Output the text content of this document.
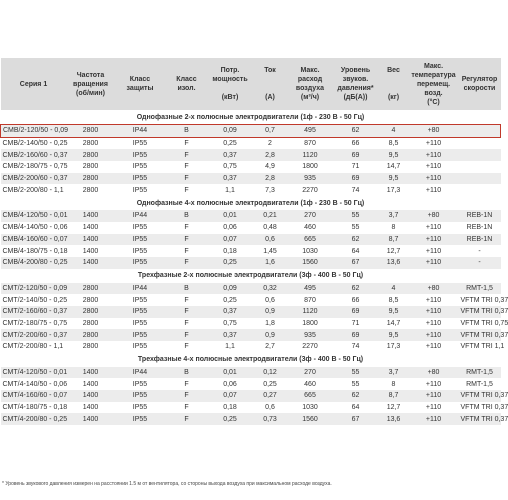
Серия 1	Частота
вращения
(об/мин)	Класс
защиты	Класс
изол.	Потр.
мощность

(кВт)	Ток

(А)	Макс.
расход
воздуха
(м³/ч)	Уровень
звуков.
давления*
(дБ(А))	Вес

(кг)	Макс.
температура
перемещ. возд.
(°C)	Регулятор
скорости

Однофазные 2-х полюсные электродвигатели (1ф - 230 В - 50 Гц)										
CMB/2-120/50 - 0,09	2800	IP44	B	0,09	0,7	495	62	4	+80	
CMB/2-140/50 - 0,25	2800	IP55	F	0,25	2	870	66	8,5	+110	
CMB/2-160/60 - 0,37	2800	IP55	F	0,37	2,8	1120	69	9,5	+110	
CMB/2-180/75 - 0,75	2800	IP55	F	0,75	4,9	1800	71	14,7	+110	
CMB/2-200/60 - 0,37	2800	IP55	F	0,37	2,8	935	69	9,5	+110	
CMB/2-200/80 - 1,1	2800	IP55	F	1,1	7,3	2270	74	17,3	+110	
Однофазные 4-х полюсные электродвигатели (1ф - 230 В - 50 Гц)										
CMB/4-120/50 - 0,01	1400	IP44	B	0,01	0,21	270	55	3,7	+80	REB-1N
CMB/4-140/50 - 0,06	1400	IP55	F	0,06	0,48	460	55	8	+110	REB-1N
CMB/4-160/60 - 0,07	1400	IP55	F	0,07	0,6	665	62	8,7	+110	REB-1N
CMB/4-180/75 - 0,18	1400	IP55	F	0,18	1,45	1030	64	12,7	+110	-
CMB/4-200/80 - 0,25	1400	IP55	F	0,25	1,6	1560	67	13,6	+110	-
Трехфазные 2-х полюсные электродвигатели (3ф - 400 В - 50 Гц)										
CMT/2-120/50 - 0,09	2800	IP44	B	0,09	0,32	495	62	4	+80	RMT-1,5
CMT/2-140/50 - 0,25	2800	IP55	F	0,25	0,6	870	66	8,5	+110	VFTM TRI 0,37
CMT/2-160/60 - 0,37	2800	IP55	F	0,37	0,9	1120	69	9,5	+110	VFTM TRI 0,37
CMT/2-180/75 - 0,75	2800	IP55	F	0,75	1,8	1800	71	14,7	+110	VFTM TRI 0,75
CMT/2-200/60 - 0,37	2800	IP55	F	0,37	0,9	935	69	9,5	+110	VFTM TRI 0,37
CMT/2-200/80 - 1,1	2800	IP55	F	1,1	2,7	2270	74	17,3	+110	VFTM TRI 1,1
Трехфазные 4-х полюсные электродвигатели (3ф - 400 В - 50 Гц)										
CMT/4-120/50 - 0,01	1400	IP44	B	0,01	0,12	270	55	3,7	+80	RMT-1,5
CMT/4-140/50 - 0,06	1400	IP55	F	0,06	0,25	460	55	8	+110	RMT-1,5
CMT/4-160/60 - 0,07	1400	IP55	F	0,07	0,27	665	62	8,7	+110	VFTM TRI 0,37
CMT/4-180/75 - 0,18	1400	IP55	F	0,18	0,6	1030	64	12,7	+110	VFTM TRI 0,37
CMT/4-200/80 - 0,25	1400	IP55	F	0,25	0,73	1560	67	13,6	+110	VFTM TRI 0,37
* Уровень звукового давления измерен на расстоянии 1.5 м от вентилятора, со стороны выхода воздуха при максимальном расходе воздуха.
